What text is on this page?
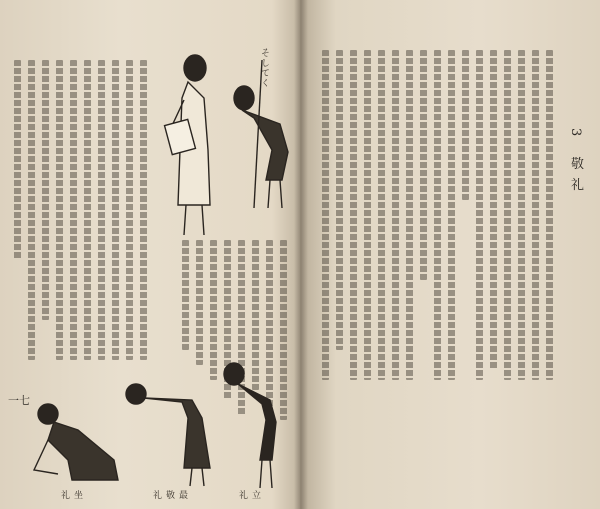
3 敬礼
そしてく
立礼
最敬礼
坐礼
一七
